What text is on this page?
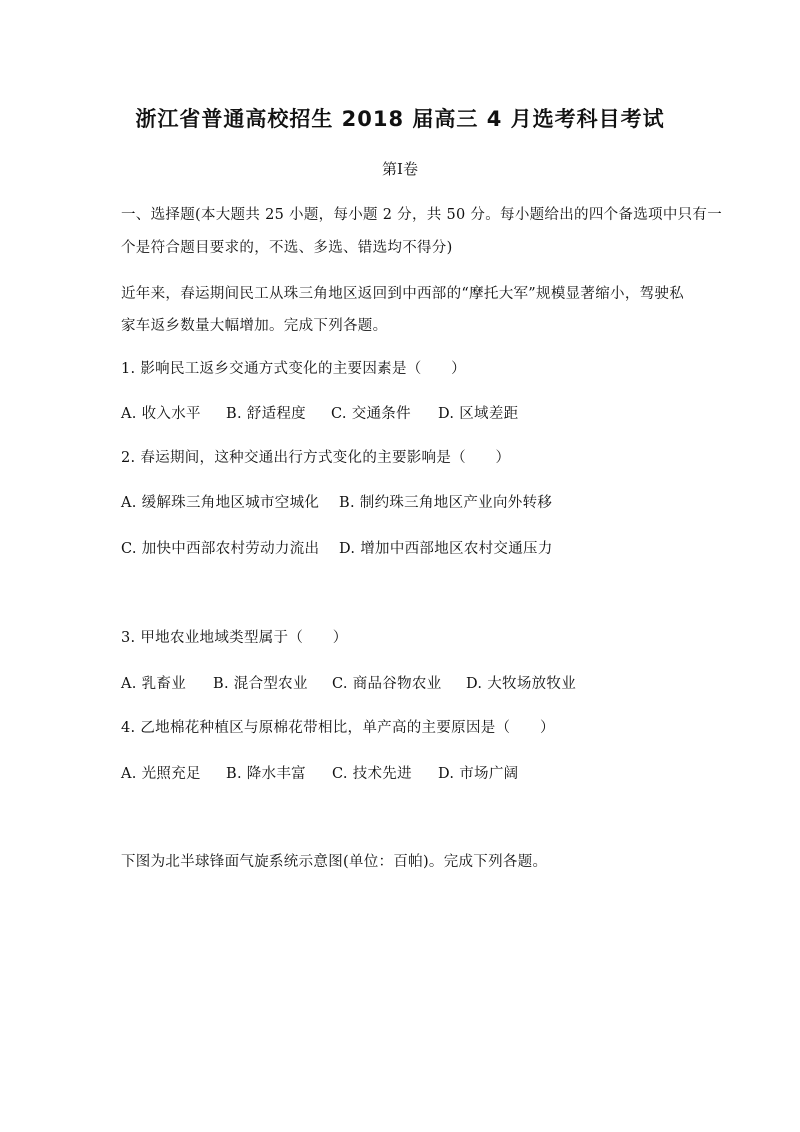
浙江省普通高校招生 2018 届高三 4 月选考科目考试
第Ⅰ卷
一、选择题(本大题共 25 小题，每小题 2 分，共 50 分。每小题给出的四个备选项中只有一
个是符合题目要求的，不选、多选、错选均不得分)
近年来，春运期间民工从珠三角地区返回到中西部的“摩托大军”规模显著缩小，驾驶私
家车返乡数量大幅增加。完成下列各题。
1. 影响民工返乡交通方式变化的主要因素是（　　）
A. 收入水平 B. 舒适程度 C. 交通条件 D. 区域差距
2. 春运期间，这种交通出行方式变化的主要影响是（　　）
A. 缓解珠三角地区城市空城化 B. 制约珠三角地区产业向外转移
C. 加快中西部农村劳动力流出 D. 增加中西部地区农村交通压力
3. 甲地农业地域类型属于（　　）
A. 乳畜业 B. 混合型农业 C. 商品谷物农业 D. 大牧场放牧业
4. 乙地棉花种植区与原棉花带相比，单产高的主要原因是（　　）
A. 光照充足 B. 降水丰富 C. 技术先进 D. 市场广阔
下图为北半球锋面气旋系统示意图(单位：百帕)。完成下列各题。
